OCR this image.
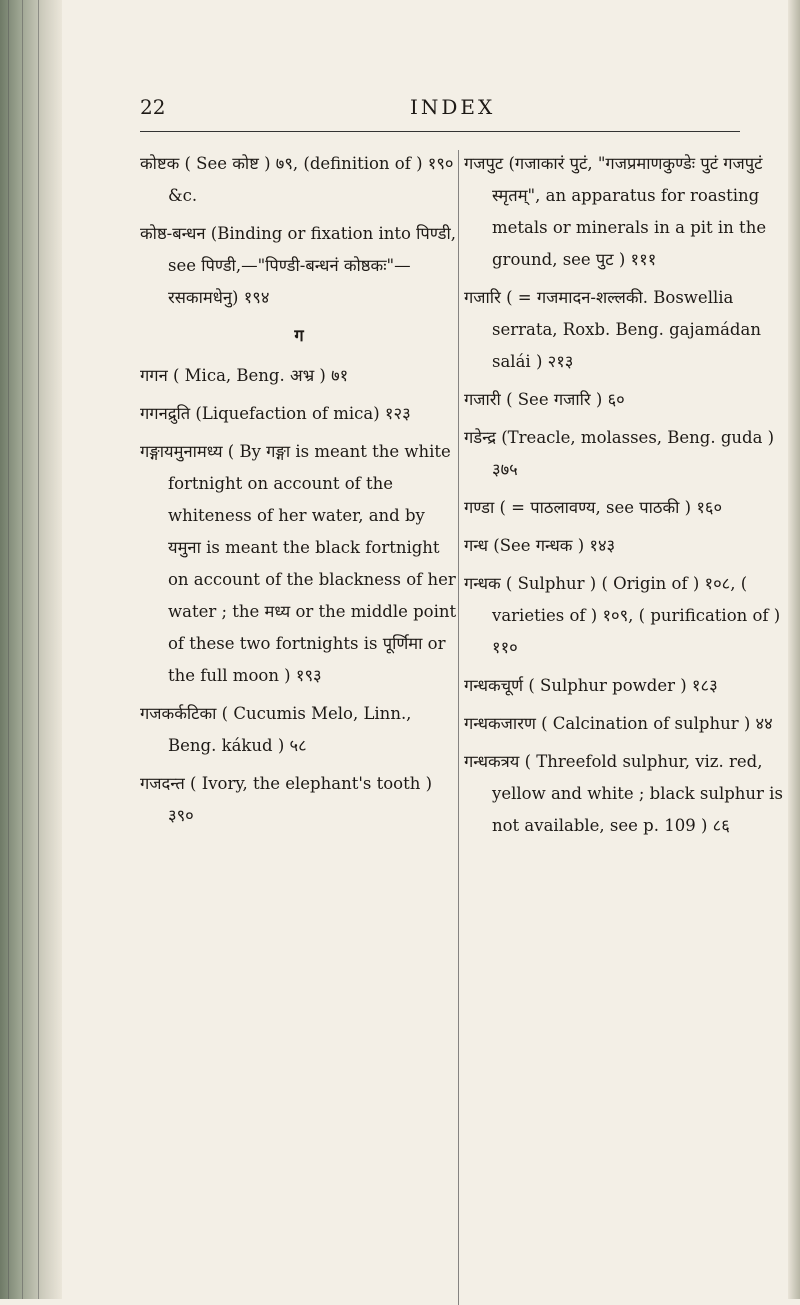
22	INDEX

कोष्टक ( See कोष्ट ) ७९, (definition of ) १९० &c.

कोष्ठ-बन्धन (Binding or fixation into पिण्डी, see पिण्डी,—"पिण्डी-बन्धनं कोष्ठकः"—रसकामधेनु) १९४

ग

गगन ( Mica, Beng. अभ्र ) ७१

गगनद्रुति (Liquefaction of mica) १२३

गङ्गायमुनामध्य ( By गङ्गा is meant the white fortnight on account of the whiteness of her water, and by यमुना is meant the black fortnight on account of the blackness of her water ; the मध्य or the middle point of these two fortnights is पूर्णिमा or the full moon ) १९३

गजकर्कटिका ( Cucumis Melo, Linn., Beng. kákud ) ५८

गजदन्त ( Ivory, the elephant's tooth ) ३९०

गजपुट (गजाकारं पुटं, "गजप्रमाणकुण्डेः पुटं गजपुटं स्मृतम्", an apparatus for roasting metals or minerals in a pit in the ground, see पुट ) १११

गजारि ( = गजमादन-शल्लकी. Boswellia serrata, Roxb. Beng. gajamádan salái ) २१३

गजारी ( See गजारि ) ६०

गडेन्द्र (Treacle, molasses, Beng. guda ) ३७५

गण्डा ( = पाठलावण्य, see पाठकी ) १६०

गन्ध (See गन्धक ) १४३

गन्धक ( Sulphur ) ( Origin of ) १०८, ( varieties of ) १०९, ( purification of ) ११०

गन्धकचूर्ण ( Sulphur powder ) १८३

गन्धकजारण ( Calcination of sulphur ) ४४

गन्धकत्रय ( Threefold sulphur, viz. red, yellow and white ; black sulphur is not available, see p. 109 ) ८६
